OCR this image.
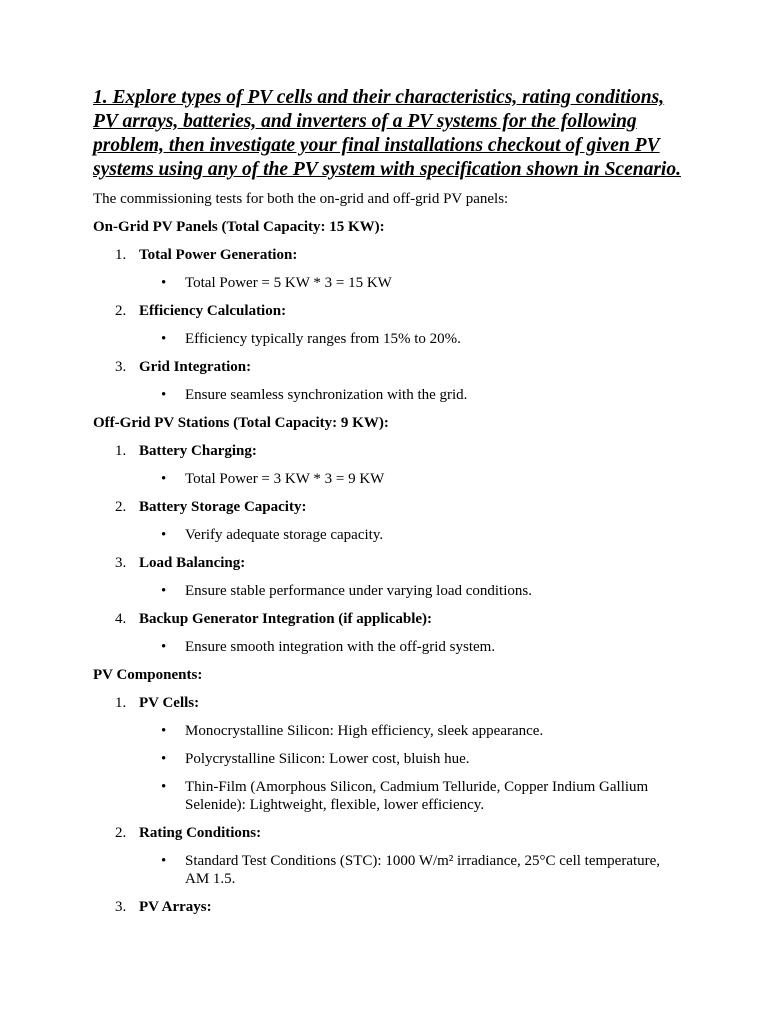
1. Explore types of PV cells and their characteristics, rating conditions, PV arrays, batteries, and inverters of a PV systems for the following problem, then investigate your final installations checkout of given PV systems using any of the PV system with specification shown in Scenario.
The commissioning tests for both the on-grid and off-grid PV panels:
On-Grid PV Panels (Total Capacity: 15 KW):
1. Total Power Generation:
• Total Power = 5 KW * 3 = 15 KW
2. Efficiency Calculation:
• Efficiency typically ranges from 15% to 20%.
3. Grid Integration:
• Ensure seamless synchronization with the grid.
Off-Grid PV Stations (Total Capacity: 9 KW):
1. Battery Charging:
• Total Power = 3 KW * 3 = 9 KW
2. Battery Storage Capacity:
• Verify adequate storage capacity.
3. Load Balancing:
• Ensure stable performance under varying load conditions.
4. Backup Generator Integration (if applicable):
• Ensure smooth integration with the off-grid system.
PV Components:
1. PV Cells:
• Monocrystalline Silicon: High efficiency, sleek appearance.
• Polycrystalline Silicon: Lower cost, bluish hue.
• Thin-Film (Amorphous Silicon, Cadmium Telluride, Copper Indium Gallium Selenide): Lightweight, flexible, lower efficiency.
2. Rating Conditions:
• Standard Test Conditions (STC): 1000 W/m² irradiance, 25°C cell temperature, AM 1.5.
3. PV Arrays:
